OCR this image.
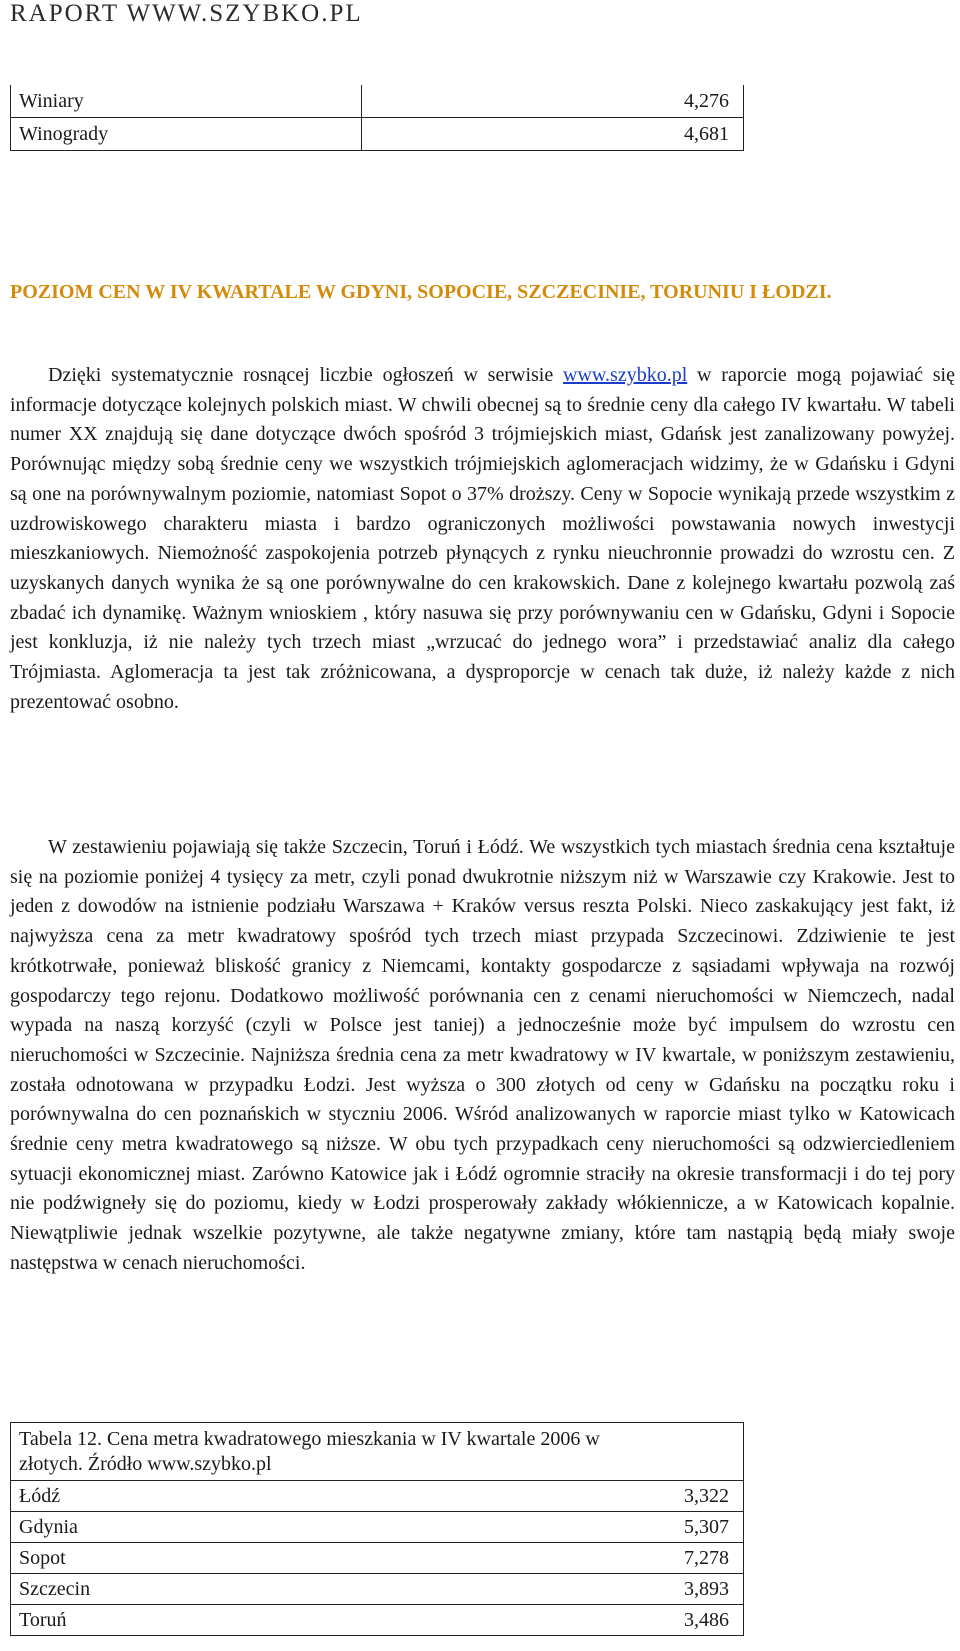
RAPORT WWW.SZYBKO.PL
Winiary	4,276
Winogrady	4,681

POZIOM CEN W IV KWARTALE W GDYNI, SOPOCIE, SZCZECINIE, TORUNIU I ŁODZI.

Dzięki systematycznie rosnącej liczbie ogłoszeń w serwisie www.szybko.pl w raporcie mogą pojawiać się informacje dotyczące kolejnych polskich miast. W chwili obecnej są to średnie ceny dla całego IV kwartału. W tabeli numer XX znajdują się dane dotyczące dwóch spośród 3 trójmiejskich miast, Gdańsk jest zanalizowany powyżej. Porównując między sobą średnie ceny we wszystkich trójmiejskich aglomeracjach widzimy, że w Gdańsku i Gdyni są one na porównywalnym poziomie, natomiast Sopot o 37% droższy. Ceny w Sopocie wynikają przede wszystkim z uzdrowiskowego charakteru miasta i bardzo ograniczonych możliwości powstawania nowych inwestycji mieszkaniowych. Niemożność zaspokojenia potrzeb płynących z rynku nieuchronnie prowadzi do wzrostu cen. Z uzyskanych danych wynika że są one porównywalne do cen krakowskich. Dane z kolejnego kwartału pozwolą zaś zbadać ich dynamikę. Ważnym wnioskiem , który nasuwa się przy porównywaniu cen w Gdańsku, Gdyni i Sopocie jest konkluzja, iż nie należy tych trzech miast „wrzucać do jednego wora” i przedstawiać analiz dla całego Trójmiasta. Aglomeracja ta jest tak zróżnicowana, a dysproporcje w cenach tak duże, iż należy każde z nich prezentować osobno.

W zestawieniu pojawiają się także Szczecin, Toruń i Łódź. We wszystkich tych miastach średnia cena kształtuje się na poziomie poniżej 4 tysięcy za metr, czyli ponad dwukrotnie niższym niż w Warszawie czy Krakowie. Jest to jeden z dowodów na istnienie podziału Warszawa + Kraków versus reszta Polski. Nieco zaskakujący jest fakt, iż najwyższa cena za metr kwadratowy spośród tych trzech miast przypada Szczecinowi. Zdziwienie te jest krótkotrwałe, ponieważ bliskość granicy z Niemcami, kontakty gospodarcze z sąsiadami wpływaja na rozwój gospodarczy tego rejonu. Dodatkowo możliwość porównania cen z cenami nieruchomości w Niemczech, nadal wypada na naszą korzyść (czyli w Polsce jest taniej) a jednocześnie może być impulsem do wzrostu cen nieruchomości w Szczecinie. Najniższa średnia cena za metr kwadratowy w IV kwartale, w poniższym zestawieniu, została odnotowana w przypadku Łodzi. Jest wyższa o 300 złotych od ceny w Gdańsku na początku roku i porównywalna do cen poznańskich w styczniu 2006. Wśród analizowanych w raporcie miast tylko w Katowicach średnie ceny metra kwadratowego są niższe. W obu tych przypadkach ceny nieruchomości są odzwierciedleniem sytuacji ekonomicznej miast. Zarówno Katowice jak i Łódź ogromnie straciły na okresie transformacji i do tej pory nie podźwigneły się do poziomu, kiedy w Łodzi prosperowały zakłady włókiennicze, a w Katowicach kopalnie. Niewątpliwie jednak wszelkie pozytywne, ale także negatywne zmiany, które tam nastąpią będą miały swoje następstwa w cenach nieruchomości.

Tabela 12. Cena metra kwadratowego mieszkania w IV kwartale 2006 w złotych. Źródło www.szybko.pl	
Łódź	3,322
Gdynia	5,307
Sopot	7,278
Szczecin	3,893
Toruń	3,486
